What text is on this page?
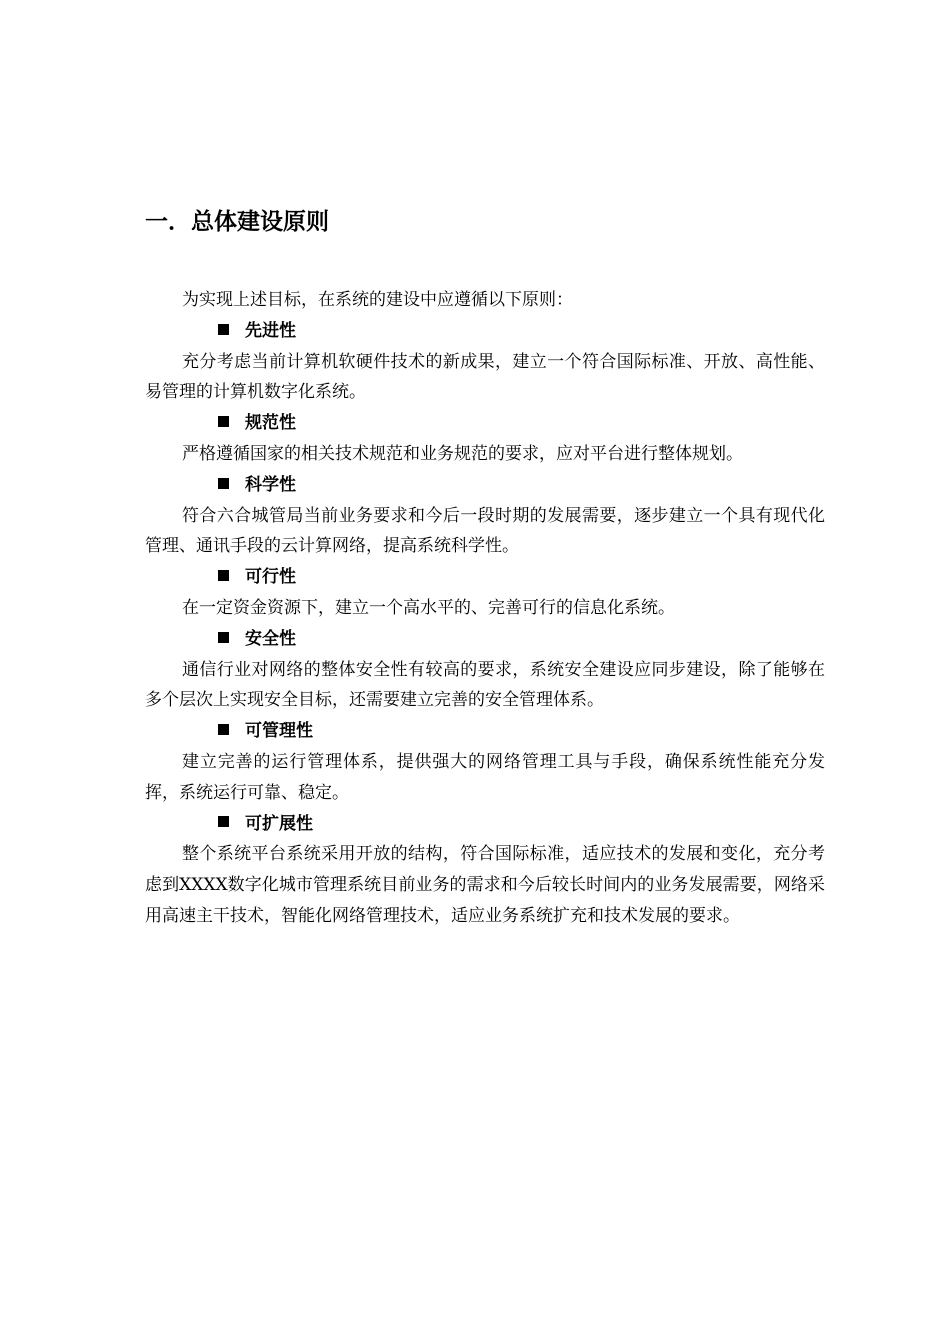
一．总体建设原则

为实现上述目标，在系统的建设中应遵循以下原则：

先进性

充分考虑当前计算机软硬件技术的新成果，建立一个符合国际标准、开放、高性能、易管理的计算机数字化系统。

规范性

严格遵循国家的相关技术规范和业务规范的要求，应对平台进行整体规划。

科学性

符合六合城管局当前业务要求和今后一段时期的发展需要，逐步建立一个具有现代化管理、通讯手段的云计算网络，提高系统科学性。

可行性

在一定资金资源下，建立一个高水平的、完善可行的信息化系统。

安全性

通信行业对网络的整体安全性有较高的要求，系统安全建设应同步建设，除了能够在多个层次上实现安全目标，还需要建立完善的安全管理体系。

可管理性

建立完善的运行管理体系，提供强大的网络管理工具与手段，确保系统性能充分发挥，系统运行可靠、稳定。

可扩展性

整个系统平台系统采用开放的结构，符合国际标准，适应技术的发展和变化，充分考虑到XXXX数字化城市管理系统目前业务的需求和今后较长时间内的业务发展需要，网络采用高速主干技术，智能化网络管理技术，适应业务系统扩充和技术发展的要求。
